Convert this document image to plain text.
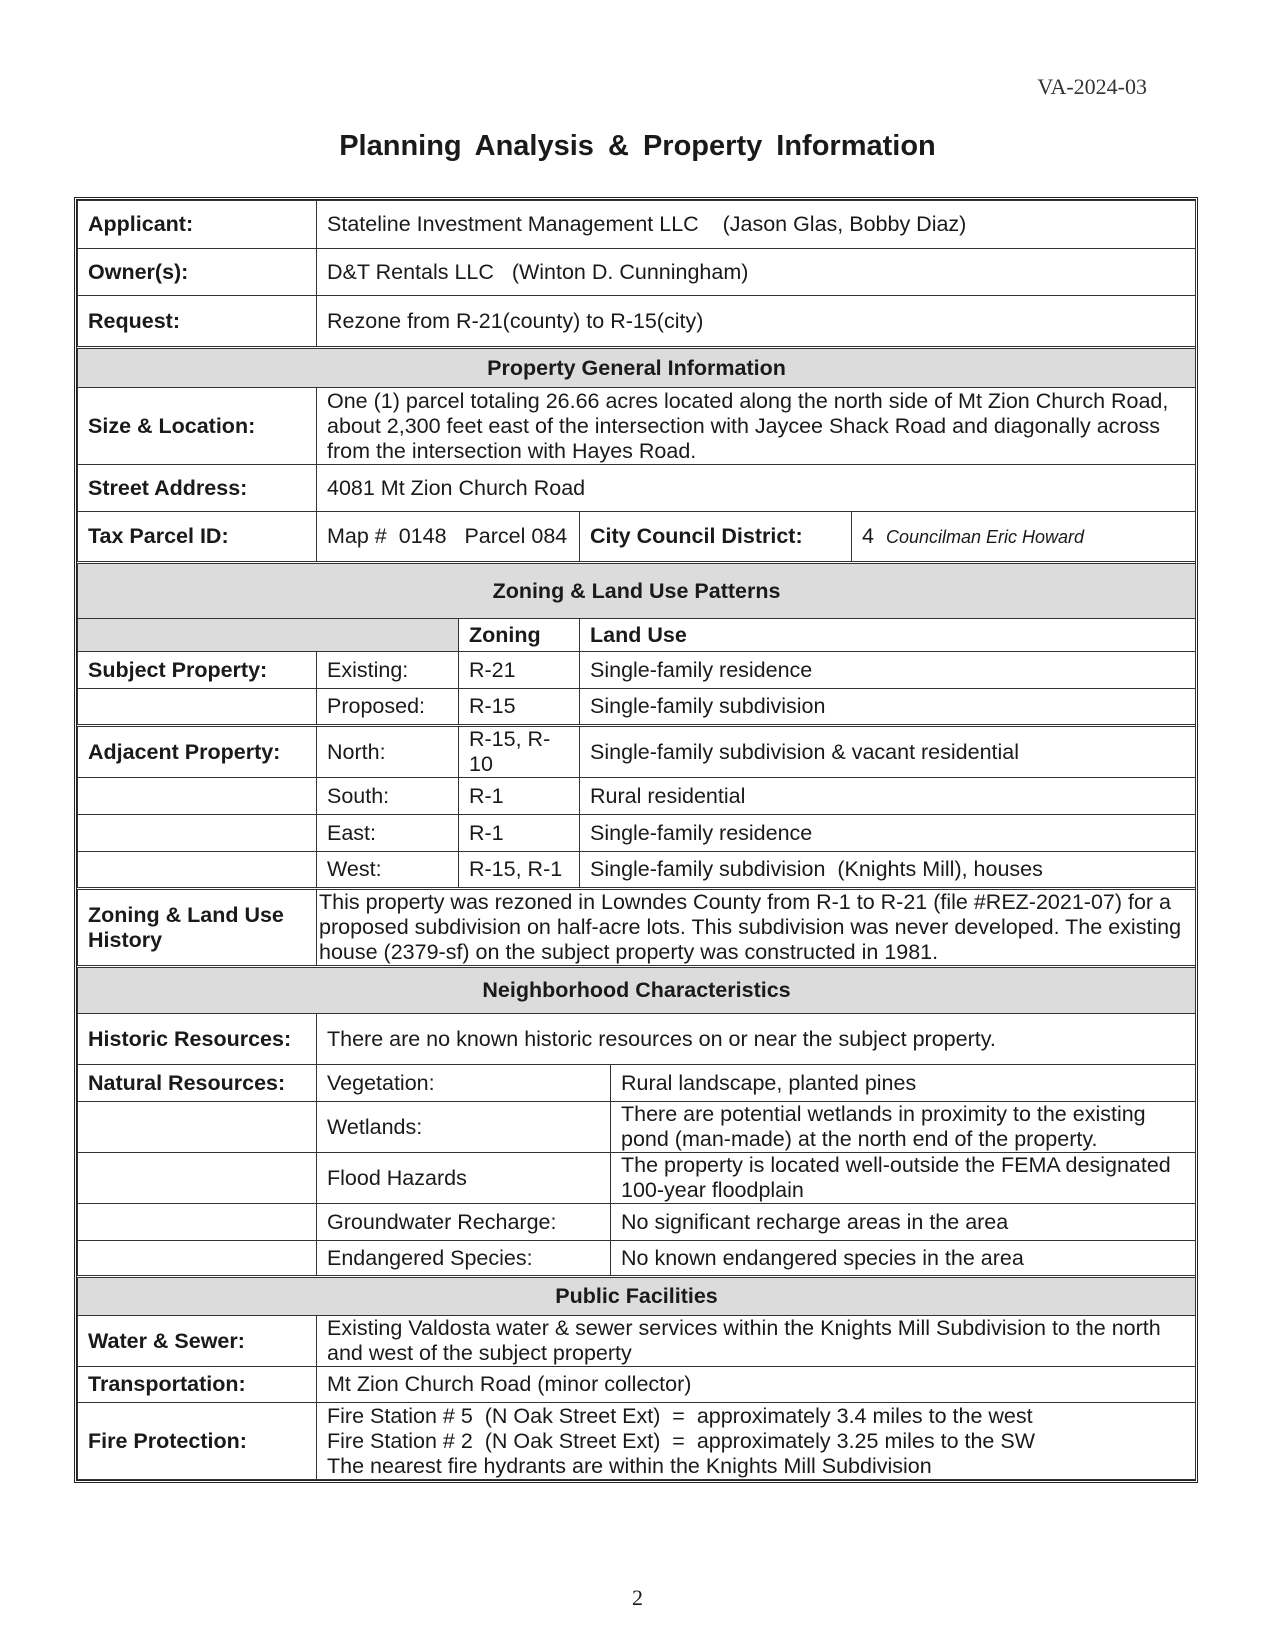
VA-2024-03
Planning Analysis & Property Information
Applicant:	Stateline Investment Management LLC    (Jason Glas, Bobby Diaz)				
Owner(s):	D&T Rentals LLC   (Winton D. Cunningham)				
Request:	Rezone from R-21(county) to R-15(city)				
Property General Information					
Size & Location:	One (1) parcel totaling 26.66 acres located along the north side of Mt Zion Church Road, about 2,300 feet east of the intersection with Jaycee Shack Road and diagonally across from the intersection with Hayes Road.				
Street Address:	4081 Mt Zion Church Road				
Tax Parcel ID:	Map #  0148   Parcel 084		City Council District:		4 Councilman Eric Howard
Zoning & Land Use Patterns					
		Zoning	Land Use		
Subject Property:	Existing:	R-21	Single-family residence		
	Proposed:	R-15	Single-family subdivision		
Adjacent Property:	North:	R-15, R-10	Single-family subdivision & vacant residential		
	South:	R-1	Rural residential		
	East:	R-1	Single-family residence		
	West:	R-15, R-1	Single-family subdivision  (Knights Mill), houses		
Zoning & Land Use History	This property was rezoned in Lowndes County from R-1 to R-21 (file #REZ-2021-07) for a proposed subdivision on half-acre lots. This subdivision was never developed. The existing house (2379-sf) on the subject property was constructed in 1981.				
Neighborhood Characteristics					
Historic Resources:	There are no known historic resources on or near the subject property.				
Natural Resources:	Vegetation:			Rural landscape, planted pines	
	Wetlands:			There are potential wetlands in proximity to the existing pond (man-made) at the north end of the property.	
	Flood Hazards			The property is located well-outside the FEMA designated 100-year floodplain	
	Groundwater Recharge:			No significant recharge areas in the area	
	Endangered Species:			No known endangered species in the area	
Public Facilities					
Water & Sewer:	Existing Valdosta water & sewer services within the Knights Mill Subdivision to the north and west of the subject property				
Transportation:	Mt Zion Church Road (minor collector)				
Fire Protection:	Fire Station # 5  (N Oak Street Ext)  =  approximately 3.4 miles to the west
Fire Station # 2  (N Oak Street Ext)  =  approximately 3.25 miles to the SW
The nearest fire hydrants are within the Knights Mill Subdivision				
2
